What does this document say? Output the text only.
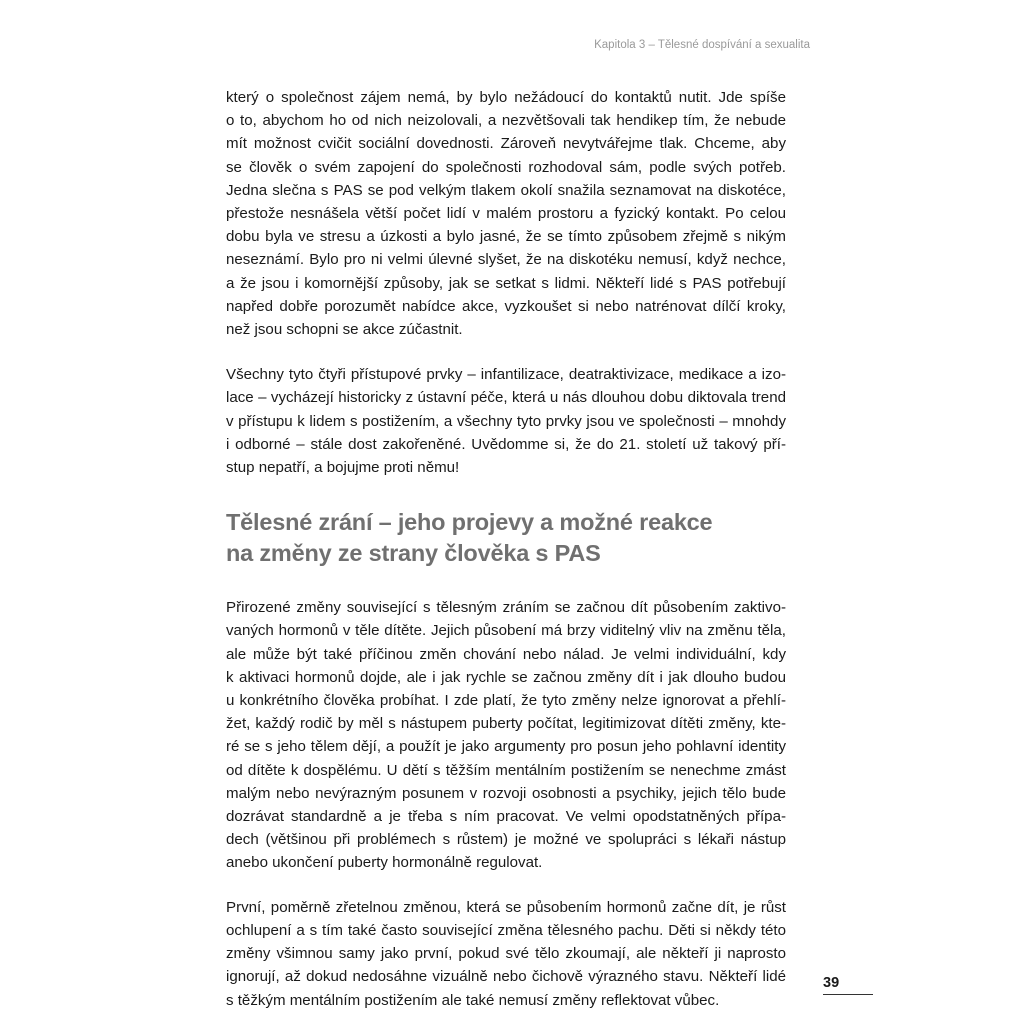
Kapitola 3 – Tělesné dospívání a sexualita
který o společnost zájem nemá, by bylo nežádoucí do kontaktů nutit. Jde spíše
o to, abychom ho od nich neizolovali, a nezvětšovali tak hendikep tím, že nebude
mít možnost cvičit sociální dovednosti. Zároveň nevytvářejme tlak. Chceme, aby
se člověk o svém zapojení do společnosti rozhodoval sám, podle svých potřeb.
Jedna slečna s PAS se pod velkým tlakem okolí snažila seznamovat na diskotéce,
přestože nesnášela větší počet lidí v malém prostoru a fyzický kontakt. Po celou
dobu byla ve stresu a úzkosti a bylo jasné, že se tímto způsobem zřejmě s nikým
neseznámí. Bylo pro ni velmi úlevné slyšet, že na diskotéku nemusí, když nechce,
a že jsou i komornější způsoby, jak se setkat s lidmi. Někteří lidé s PAS potřebují
napřed dobře porozumět nabídce akce, vyzkoušet si nebo natrénovat dílčí kroky,
než jsou schopni se akce zúčastnit.
Všechny tyto čtyři přístupové prvky – infantilizace, deatraktivizace, medikace a izo-
lace – vycházejí historicky z ústavní péče, která u nás dlouhou dobu diktovala trend
v přístupu k lidem s postižením, a všechny tyto prvky jsou ve společnosti – mnohdy
i odborné – stále dost zakořeněné. Uvědomme si, že do 21. století už takový pří-
stup nepatří, a bojujme proti němu!
Tělesné zrání – jeho projevy a možné reakce
na změny ze strany člověka s PAS
Přirozené změny související s tělesným zráním se začnou dít působením zaktivo-
vaných hormonů v těle dítěte. Jejich působení má brzy viditelný vliv na změnu těla,
ale může být také příčinou změn chování nebo nálad. Je velmi individuální, kdy
k aktivaci hormonů dojde, ale i jak rychle se začnou změny dít i jak dlouho budou
u konkrétního člověka probíhat. I zde platí, že tyto změny nelze ignorovat a přehlí-
žet, každý rodič by měl s nástupem puberty počítat, legitimizovat dítěti změny, kte-
ré se s jeho tělem dějí, a použít je jako argumenty pro posun jeho pohlavní identity
od dítěte k dospělému. U dětí s těžším mentálním postižením se nenechme zmást
malým nebo nevýrazným posunem v rozvoji osobnosti a psychiky, jejich tělo bude
dozrávat standardně a je třeba s ním pracovat. Ve velmi opodstatněných přípa-
dech (většinou při problémech s růstem) je možné ve spolupráci s lékaři nástup
anebo ukončení puberty hormonálně regulovat.
První, poměrně zřetelnou změnou, která se působením hormonů začne dít, je růst
ochlupení a s tím také často související změna tělesného pachu. Děti si někdy této
změny všimnou samy jako první, pokud své tělo zkoumají, ale někteří ji naprosto
ignorují, až dokud nedosáhne vizuálně nebo čichově výrazného stavu. Někteří lidé
s těžkým mentálním postižením ale také nemusí změny reflektovat vůbec.
39
